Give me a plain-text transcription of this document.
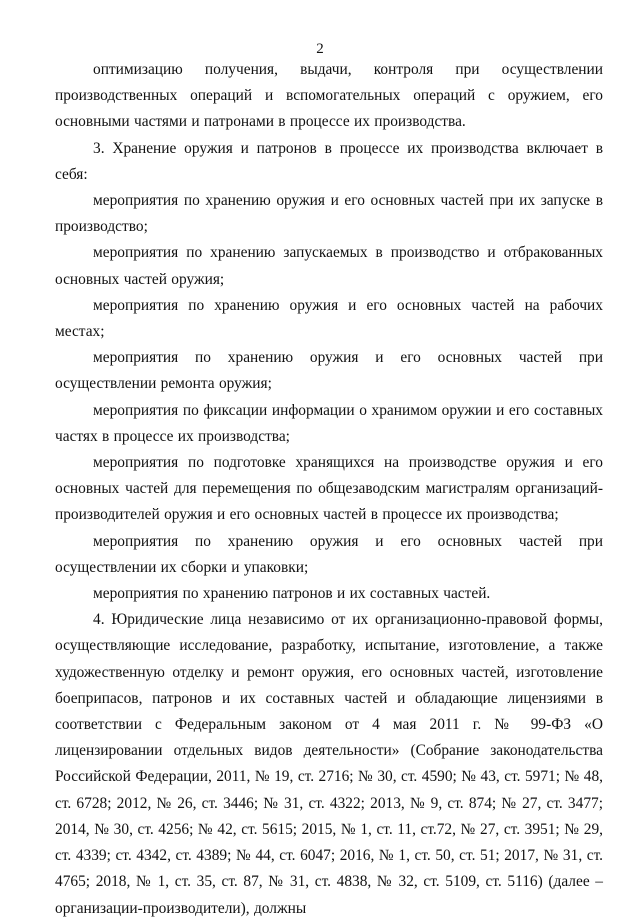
2

оптимизацию получения, выдачи, контроля при осуществлении производственных операций и вспомогательных операций с оружием, его основными частями и патронами в процессе их производства.

3. Хранение оружия и патронов в процессе их производства включает в себя:

мероприятия по хранению оружия и его основных частей при их запуске в производство;

мероприятия по хранению запускаемых в производство и отбракованных основных частей оружия;

мероприятия по хранению оружия и его основных частей на рабочих местах;

мероприятия по хранению оружия и его основных частей при осуществлении ремонта оружия;

мероприятия по фиксации информации о хранимом оружии и его составных частях в процессе их производства;

мероприятия по подготовке хранящихся на производстве оружия и его основных частей для перемещения по общезаводским магистралям организаций-производителей оружия и его основных частей в процессе их производства;

мероприятия по хранению оружия и его основных частей при осуществлении их сборки и упаковки;

мероприятия по хранению патронов и их составных частей.

4. Юридические лица независимо от их организационно-правовой формы, осуществляющие исследование, разработку, испытание, изготовление, а также художественную отделку и ремонт оружия, его основных частей, изготовление боеприпасов, патронов и их составных частей и обладающие лицензиями в соответствии с Федеральным законом от 4 мая 2011 г. № 99-ФЗ «О лицензировании отдельных видов деятельности» (Собрание законодательства Российской Федерации, 2011, № 19, ст. 2716; № 30, ст. 4590; № 43, ст. 5971; № 48, ст. 6728; 2012, № 26, ст. 3446; № 31, ст. 4322; 2013, № 9, ст. 874; № 27, ст. 3477; 2014, № 30, ст. 4256; № 42, ст. 5615; 2015, № 1, ст. 11, ст.72, № 27, ст. 3951; № 29, ст. 4339; ст. 4342, ст. 4389; № 44, ст. 6047; 2016, № 1, ст. 50, ст. 51; 2017, № 31, ст. 4765; 2018, № 1, ст. 35, ст. 87, № 31, ст. 4838, № 32, ст. 5109, ст. 5116) (далее – организации-производители), должны
